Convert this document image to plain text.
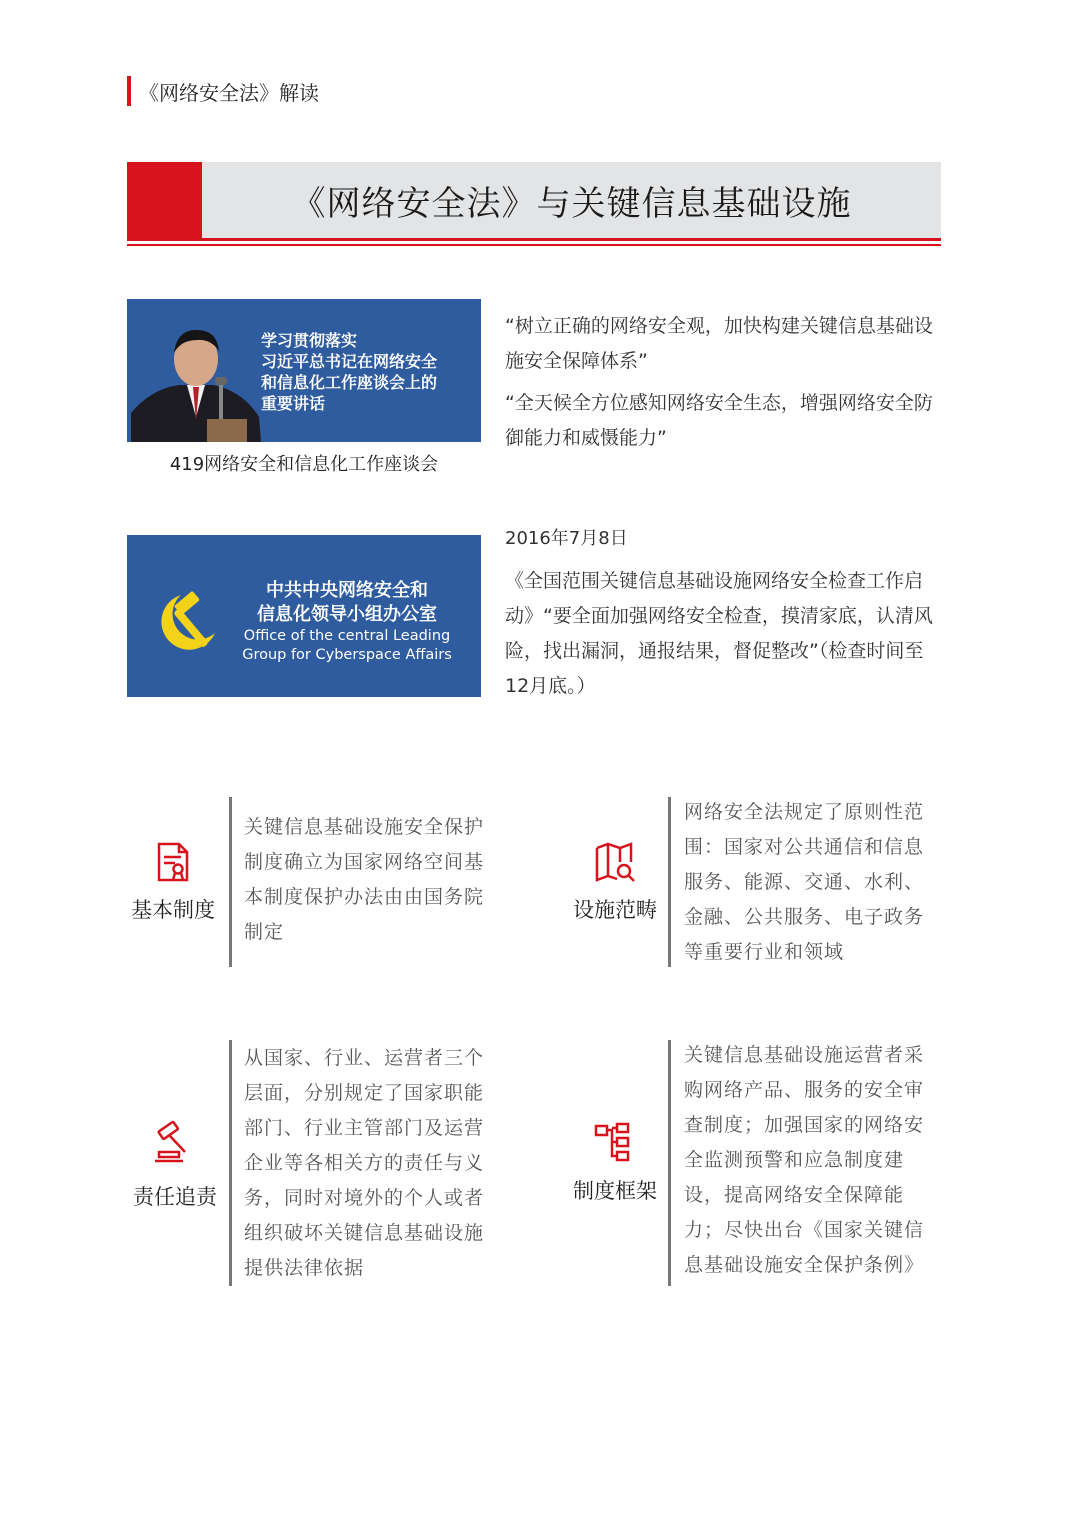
《网络安全法》解读
《网络安全法》与关键信息基础设施
学习贯彻落实
习近平总书记在网络安全
和信息化工作座谈会上的
重要讲话
419网络安全和信息化工作座谈会
“树立正确的网络安全观，加快构建关键信息基础设施安全保障体系”
“全天候全方位感知网络安全生态，增强网络安全防御能力和威慑能力”
中共中央网络安全和
信息化领导小组办公室
Office of the central Leading
Group for Cyberspace Affairs
2016年7月8日
《全国范围关键信息基础设施网络安全检查工作启动》“要全面加强网络安全检查，摸清家底，认清风险，找出漏洞，通报结果，督促整改”（检查时间至12月底。）
基本制度
关键信息基础设施安全保护制度确立为国家网络空间基本制度保护办法由由国务院制定
设施范畴
网络安全法规定了原则性范围：国家对公共通信和信息服务、能源、交通、水利、金融、公共服务、电子政务等重要行业和领域
责任追责
从国家、行业、运营者三个层面，分别规定了国家职能部门、行业主管部门及运营企业等各相关方的责任与义务，同时对境外的个人或者组织破坏关键信息基础设施提供法律依据
制度框架
关键信息基础设施运营者采购网络产品、服务的安全审查制度；加强国家的网络安全监测预警和应急制度建设，提高网络安全保障能力；尽快出台《国家关键信息基础设施安全保护条例》
